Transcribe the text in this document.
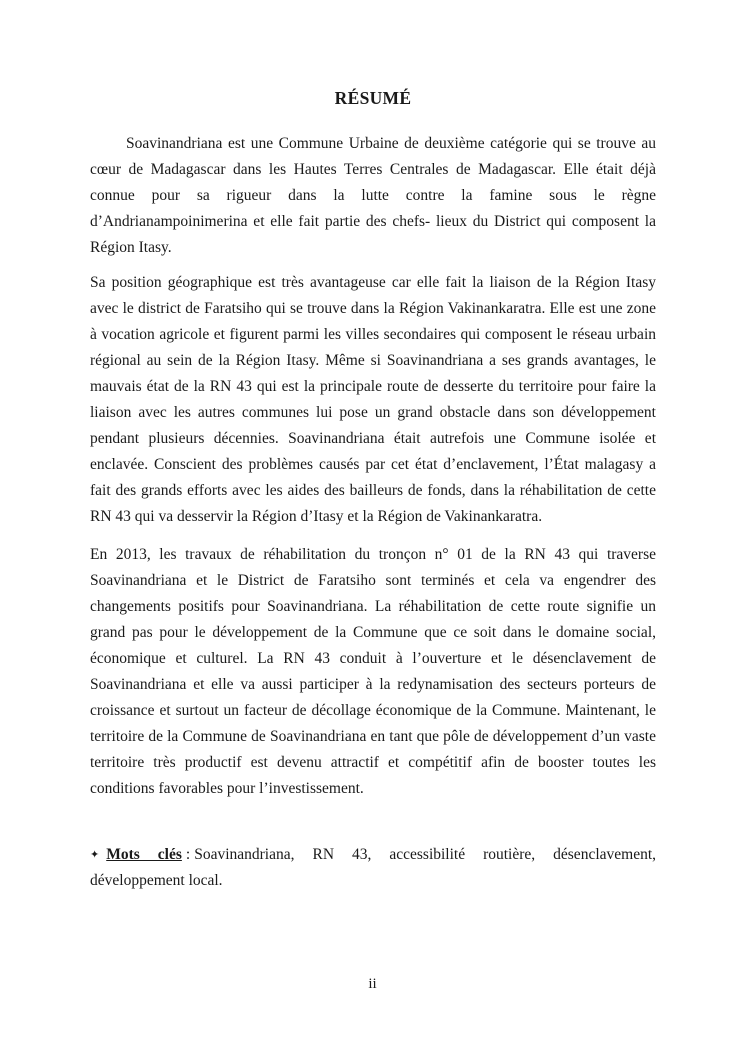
RÉSUMÉ

Soavinandriana est une Commune Urbaine de deuxième catégorie qui se trouve au cœur de Madagascar dans les Hautes Terres Centrales de Madagascar. Elle était déjà connue pour sa rigueur dans la lutte contre la famine sous le règne d’Andrianampoinimerina et elle fait partie des chefs- lieux du District qui composent la Région Itasy.

Sa position géographique est très avantageuse car elle fait la liaison de la Région Itasy avec le district de Faratsiho qui se trouve dans la Région Vakinankaratra. Elle est une zone à vocation agricole et figurent parmi les villes secondaires qui composent le réseau urbain régional au sein de la Région Itasy. Même si Soavinandriana a ses grands avantages, le mauvais état de la RN 43 qui est la principale route de desserte du territoire pour faire la liaison avec les autres communes lui pose un grand obstacle dans son développement pendant plusieurs décennies. Soavinandriana était autrefois une Commune isolée et enclavée. Conscient des problèmes causés par cet état d’enclavement, l’État malagasy a fait des grands efforts avec les aides des bailleurs de fonds, dans la réhabilitation de cette RN 43 qui va desservir la Région d’Itasy et la Région de Vakinankaratra.

En 2013, les travaux de réhabilitation du tronçon n° 01 de la RN 43 qui traverse Soavinandriana et le District de Faratsiho sont terminés et cela va engendrer des changements positifs pour Soavinandriana. La réhabilitation de cette route signifie un grand pas pour le développement de la Commune que ce soit dans le domaine social, économique et culturel. La RN 43 conduit à l’ouverture et le désenclavement de Soavinandriana et elle va aussi participer à la redynamisation des secteurs porteurs de croissance et surtout un facteur de décollage économique de la Commune. Maintenant, le territoire de la Commune de Soavinandriana en tant que pôle de développement d’un vaste territoire très productif est devenu attractif et compétitif afin de booster toutes les conditions favorables pour l’investissement.

✦ Mots clés : Soavinandriana, RN 43, accessibilité routière, désenclavement, développement local.

ii
